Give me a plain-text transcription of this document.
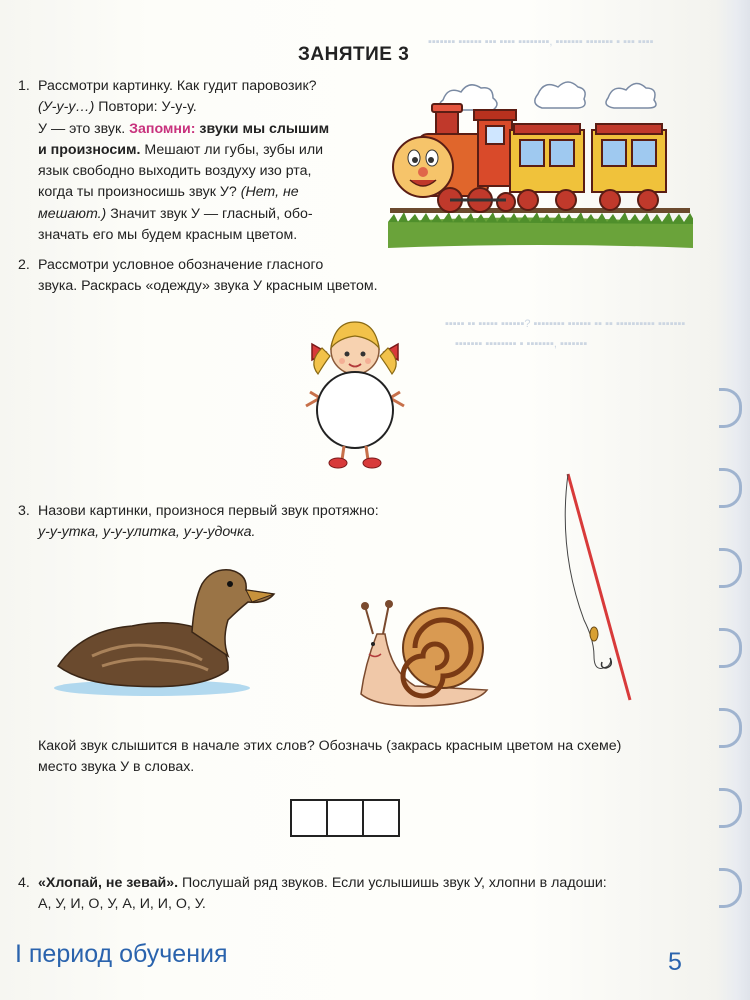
▪▪▪▪▪▪▪ ▪▪▪▪▪▪ ▪▪▪ ▪▪▪▪ ▪▪▪▪▪▪▪▪, ▪▪▪▪▪▪▪ ▪▪▪▪▪▪▪ ▪ ▪▪▪ ▪▪▪▪
▪▪▪▪▪ ▪▪ ▪▪▪▪▪ ▪▪▪▪▪▪? ▪▪▪▪▪▪▪▪ ▪▪▪▪▪▪ ▪▪ ▪▪ ▪▪▪▪▪▪▪▪▪▪ ▪▪▪▪▪▪▪
▪▪▪▪▪▪▪ ▪▪▪▪▪▪▪▪ ▪ ▪▪▪▪▪▪▪, ▪▪▪▪▪▪▪
ЗАНЯТИЕ 3
1. Рассмотри картинку. Как гудит паровозик?
(У-у-у…) Повтори: У-у-у.
У — это звук. Запомни: звуки мы слышим
и произносим. Мешают ли губы, зубы или
язык свободно выходить воздуху изо рта,
когда ты произносишь звук У? (Нет, не
мешают.) Значит звук У — гласный, обо-
значать его мы будем красным цветом.
2. Рассмотри условное обозначение гласного
звука. Раскрась «одежду» звука У красным цветом.
3. Назови картинки, произнося первый звук протяжно:
у-у-утка, у-у-улитка, у-у-удочка.
Какой звук слышится в начале этих слов? Обозначь (закрась красным цветом на схеме)
место звука У в словах.
4. «Хлопай, не зевай». Послушай ряд звуков. Если услышишь звук У, хлопни в ладоши:
А, У, И, О, У, А, И, И, О, У.
I период обучения	5
